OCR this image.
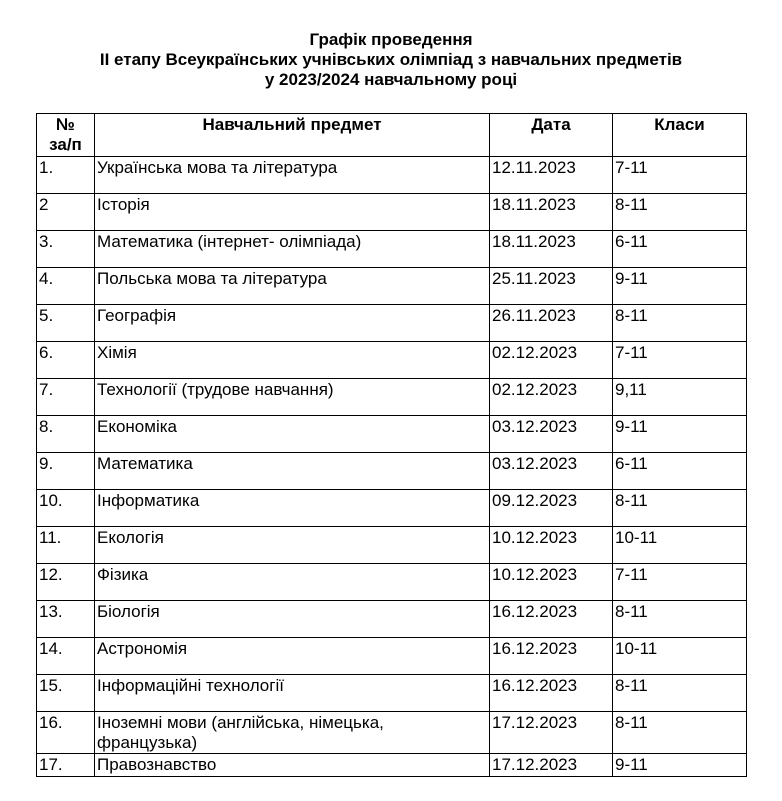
Графік проведення
ІІ етапу Всеукраїнських учнівських олімпіад з навчальних предметів
у 2023/2024 навчальному році
№
за/п	Навчальний предмет	Дата	Класи
1.	Українська мова та література	12.11.2023	7-11
2	Історія	18.11.2023	8-11
3.	Математика (інтернет- олімпіада)	18.11.2023	6-11
4.	Польська мова та література	25.11.2023	9-11
5.	Географія	26.11.2023	8-11
6.	Хімія	02.12.2023	7-11
7.	Технології (трудове навчання)	02.12.2023	9,11
8.	Економіка	03.12.2023	9-11
9.	Математика	03.12.2023	6-11
10.	Інформатика	09.12.2023	8-11
11.	Екологія	10.12.2023	10-11
12.	Фізика	10.12.2023	7-11
13.	Біологія	16.12.2023	8-11
14.	Астрономія	16.12.2023	10-11
15.	Інформаційні технології	16.12.2023	8-11
16.	Іноземні мови (англійська, німецька, французька)	17.12.2023	8-11
17.	Правознавство	17.12.2023	9-11
